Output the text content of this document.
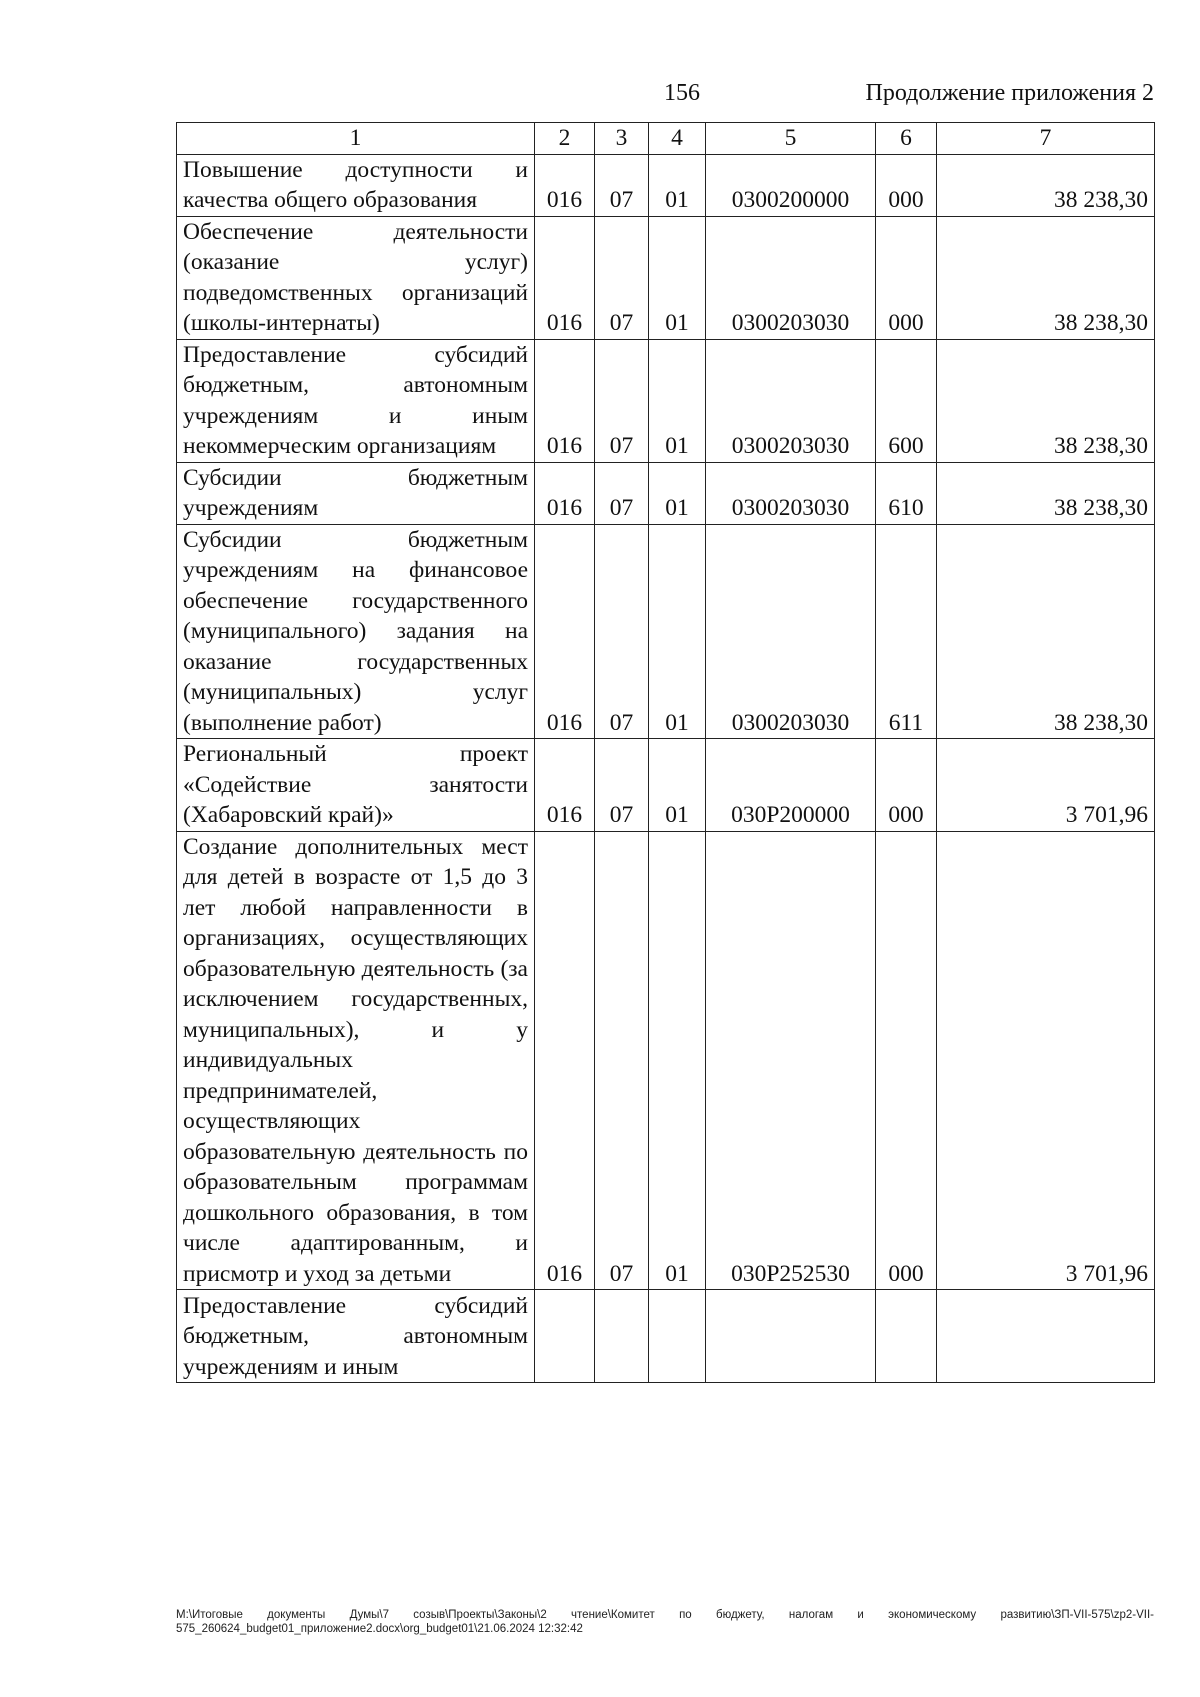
156	Продолжение приложения 2
1	2	3	4	5	6	7
Повышение доступности и качества общего образования	016	07	01	0300200000	000	38 238,30
Обеспечение деятельности (оказание услуг) подведомственных организаций (школы-интернаты)	016	07	01	0300203030	000	38 238,30
Предоставление субсидий бюджетным, автономным учреждениям и иным некоммерческим организациям	016	07	01	0300203030	600	38 238,30
Субсидии бюджетным учреждениям	016	07	01	0300203030	610	38 238,30
Субсидии бюджетным учреждениям на финансовое обеспечение государственного (муниципального) задания на оказание государственных (муниципальных) услуг (выполнение работ)	016	07	01	0300203030	611	38 238,30
Региональный проект «Содействие занятости (Хабаровский край)»	016	07	01	030Р200000	000	3 701,96
Создание дополнительных мест для детей в возрасте от 1,5 до 3 лет любой направленности в организациях, осуществляющих образовательную деятельность (за исключением государственных, муниципальных), и у индивидуальных предпринимателей, осуществляющих образовательную деятельность по образовательным программам дошкольного образования, в том числе адаптированным, и присмотр и уход за детьми	016	07	01	030Р252530	000	3 701,96
Предоставление субсидий бюджетным, автономным учреждениям и иным						
M:\Итоговые документы Думы\7 созыв\Проекты\Законы\2 чтение\Комитет по бюджету, налогам и экономическому развитию\ЗП-VII-575\zp2-VII-575_260624_budget01_приложение2.docx\org_budget01\21.06.2024 12:32:42
